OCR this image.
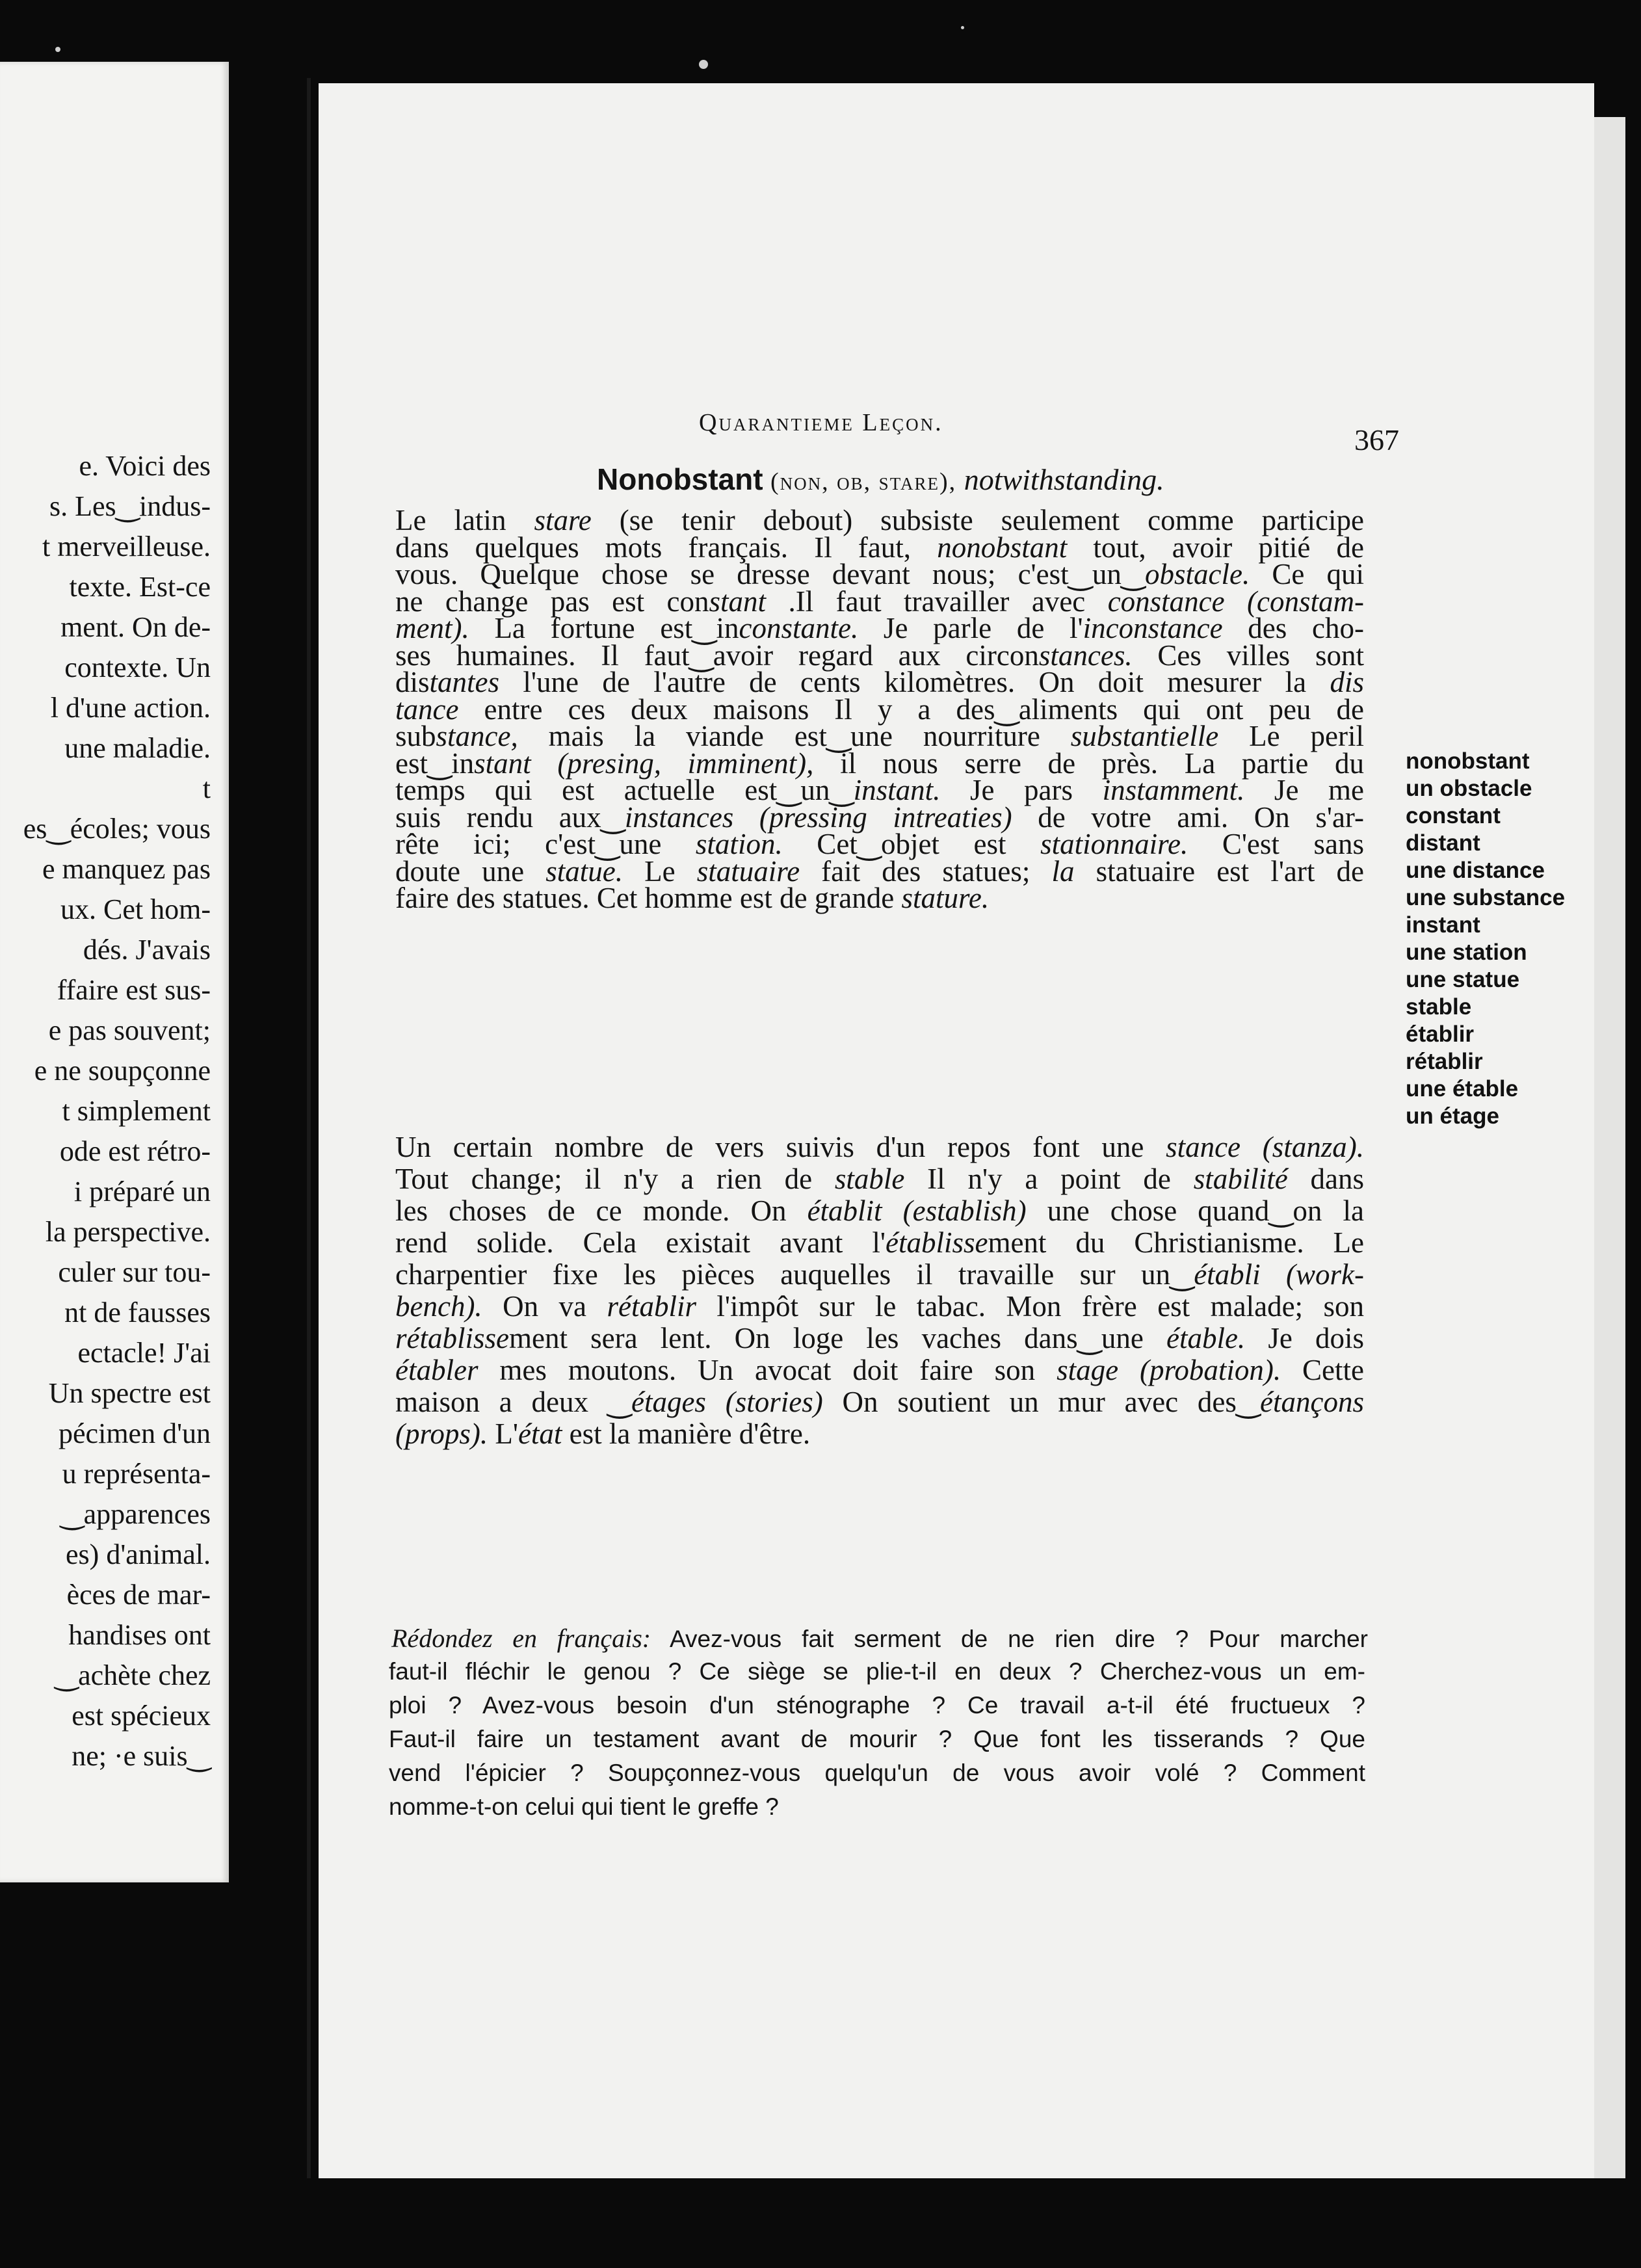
e. Voici des
s. Les‿indus-
t merveilleuse.
texte. Est-ce
ment. On de-
contexte. Un
l d'une action.
une maladie.
t
es‿écoles; vous
e manquez pas
ux. Cet hom-
dés. J'avais
ffaire est sus-
e pas souvent;
e ne soupçonne
t simplement
ode est rétro-
i préparé un
la perspective.
culer sur tou-
nt de fausses
ectacle! J'ai
Un spectre est
pécimen d'un
u représenta-
‿apparences
es) d'animal.
èces de mar-
handises ont
‿achète chez
est spécieux
ne; ·e suis‿
Quarantieme Leçon.
367
Nonobstant (non, ob, stare), notwithstanding.
Le latin stare (se tenir debout) subsiste seulement comme participe
dans quelques mots français. Il faut, nonobstant tout, avoir pitié de
vous. Quelque chose se dresse devant nous; c'est‿un‿obstacle. Ce qui
ne change pas est constant .Il faut travailler avec constance (constam-
ment). La fortune est‿inconstante. Je parle de l'inconstance des cho-
ses humaines. Il faut‿avoir regard aux circonstances. Ces villes sont
distantes l'une de l'autre de cents kilomètres. On doit mesurer la dis
tance entre ces deux maisons Il y a des‿aliments qui ont peu de
substance, mais la viande est‿une nourriture substantielle Le peril
est‿instant (presing, imminent), il nous serre de près. La partie du
temps qui est actuelle est‿un‿instant. Je pars instamment. Je me
suis rendu aux‿instances (pressing intreaties) de votre ami. On s'ar-
rête ici; c'est‿une station. Cet‿objet est stationnaire. C'est sans
doute une statue. Le statuaire fait des statues; la statuaire est l'art de
faire des statues. Cet homme est de grande stature.
Un certain nombre de vers suivis d'un repos font une stance (stanza).
Tout change; il n'y a rien de stable Il n'y a point de stabilité dans
les choses de ce monde. On établit (establish) une chose quand‿on la
rend solide. Cela existait avant l'établissement du Christianisme. Le
charpentier fixe les pièces auquelles il travaille sur un‿établi (work-
bench). On va rétablir l'impôt sur le tabac. Mon frère est malade; son
rétablissement sera lent. On loge les vaches dans‿une étable. Je dois
établer mes moutons. Un avocat doit faire son stage (probation). Cette
maison a deux ‿étages (stories) On soutient un mur avec des‿étançons
(props). L'état est la manière d'être.
nonobstant
un obstacle
constant
distant
une distance
une substance
instant
une station
une statue
stable
établir
rétablir
une étable
un étage
Rédondez en français: Avez-vous fait serment de ne rien dire ? Pour marcher
faut-il fléchir le genou ? Ce siège se plie-t-il en deux ? Cherchez-vous un em-
ploi ? Avez-vous besoin d'un sténographe ? Ce travail a-t-il été fructueux ?
Faut-il faire un testament avant de mourir ? Que font les tisserands ? Que
vend l'épicier ? Soupçonnez-vous quelqu'un de vous avoir volé ? Comment
nomme-t-on celui qui tient le greffe ?
